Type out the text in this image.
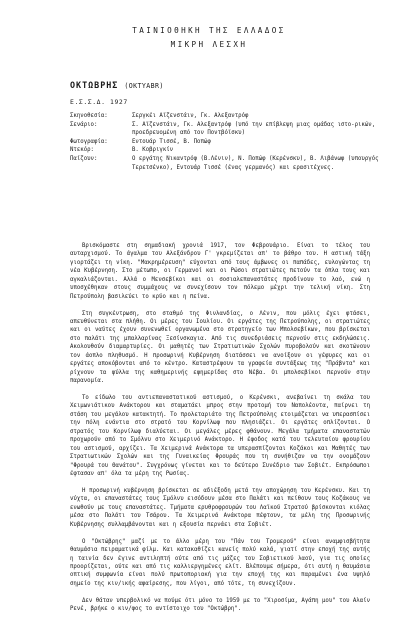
ΤΑΙΝΙΟΘΗΚΗ ΤΗΣ ΕΛΛΑΔΟΣ
ΜΙΚΡΗ ΛΕΣΧΗ
ΟΚΤΩΒΡΗΣ (OKTYABR)
Ε.Σ.Σ.Δ. 1927
Σκηνοθεσία:	Σεργκέι Αϊζενστάιν, Γκ. Αλεξαντρόφ
Σενάριο:	Σ. Αϊζενστάιν, Γκ. Αλεξαντρόφ (υπό την επίβλεψη μιας ομάδας ιστο-ρικών, προεδρευομένη από τον Ποντβόϊσκυ)
Φωτογραφία:	Εντουάρ Τισσέ, Β. Ποπώφ
Ντεκόρ:	Β. Κοβριγκίν
Παίζουν:	Ο εργάτης Νικαντρόφ (Β.Λένιν), Ν. Ποπώφ (Κερένσκυ), Β. Λιβάνωφ (υπουργός Τερετσένκο), Εντουάρ Τισσέ (ένας γερμανός) και ερασιτέχνες.

Βρισκόμαστε στη σημαδιακή χρονιά 1917, τον Φεβρουάριο. Είναι το τέλος του αυταρχισμού. Το άγαλμα του Αλεξάνδρου Γ' γκρεμίζεται απ' το βάθρο του. Η αστική τάξη γιορτάζει τη νίκη. "Μακρημέρευση" εύχονται από τους άμβωνες οι παπάδες, ευλογώντας τη νέα Κυβέρνηση. Στο μέτωπο, οι Γερμανοί και οι Ρώσοι στρατιώτες πετούν τα όπλα τους και αγκαλιάζονται. Αλλά ο Μενσεβίκοι και οι σοσιαλεπαναστάτες προδίνουν το λαό, ενώ η υποσχέθηκαν στους συμμάχους να συνεχίσουν τον πόλεμο μέχρι την τελική νίκη. Στη Πετρούπολη βασιλεύει το κρύο και η πείνα.

Στη συγκέντρωση, στο σταθμό της Φινλανδίας, ο Λένιν, που μόλις έχει φτάσει, απευθύνεται στα πλήθη. Οι μέρες του Ιουλίου. Οι εργάτες της Πετρούπολης, οι στρατιώτες και οι ναύτες έχουν συνενωθεί οργανωμένα στο στρατηγείο των Μπολσεβίκων, που βρίσκεται στο παλάτι της μπαλλαρίνας Ξεσίνσκαγια. Από τις συνεδριάσεις περνούν στις εκδηλώσεις. Ακολουθούν διαμαρτυρίες. Οι μαθητές των Στρατιωτικών Σχολών πυροβολούν και σκοτώνουν τον άοπλο πληθυσμό. Η προσωρινή Κυβέρνηση διατάσσει να ανοίξουν οι γέφυρες και οι εργάτες αποκόβονται από το κέντρο. Καταστρέφουν τα γραφεία συντάξεως της "Πράβντα" και ρίχνουν τα φύλλα της καθημερινής εφημερίδας στο Νέβα. Οι μπολσεβίκοι περνούν στην παρανομία.

Το είδωλο του αντιεπαναστατικού αστισμού, ο Κερένσκι, ανεβαίνει τη σκάλα του Χειμωνιάτικου Ανάκτορου και σταματάει μπρος στην προτομή του Ναπολέοντα, παίρνει τη στάση του μεγάλου κατακτητή. Το προλεταριάτο της Πετρούπολης ετοιμάζεται να υπερασπίσει την πόλη ενάντια στο στρατό του Κορνίλωφ που πλησιάζει. Οι εργάτες οπλίζονται. Ο στρατός του Κορνίλωφ διαλύεται. Οι μεγάλες μέρες φθάνουν. Μεγάλα τμήματα επαναστατών προχωρούν από το Σμόλνυ στο Χειμερινό Ανάκτορο. Η έφοδος κατά του τελευταίου φρουρίου του αστισμού, αρχίζει. Τα Χειμερινά Ανάκτορα τα υπερασπίζονται Κοζάκοι και Μαθητές των Στρατιωτικών Σχολών και της Γυναικείας Φρουράς που τη συνήθιζαν να την ονομάζουν "Φρουρά του Θανάτου". Συγχρόνως γίνεται και το δεύτερο Συνέδριο των Σοβιέτ. Εκπρόσωποι έφτασαν απ' όλα τα μέρη της Ρωσίας.

Η προσωρινή κυβέρνηση βρίσκεται σε αδιέξοδη μετά την αποχώρηση του Κερένσκυ. Και τη νύχτα, οι επαναστάτες τους Σμόλνυ εισόδουν μέσα στο Παλάτι και πείθουν τους Κοζάκους να ενωθούν με τους επαναστάτες. Τμήματα ερυθροφρουρών του Λαϊκού Στρατού βρίσκονται κιόλας μέσα στο Παλάτι του Τσάρου. Τα Χειμερινά Ανάκτορα πέφτουν, τα μέλη της Προσωρινής Κυβέρνησης συλλαμβάνονται και η εξουσία περνάει στα Σοβιέτ.

Ο "Οκτώβρης" μαζί με το άλλο μέρη του "Πάν του Τρομερού" είναι αναμφισβήτητα θαυμάσια πειραματικά φίλμ. Και κατακαθίζει κανείς πολύ καλά, γιατί στην εποχή της αυτής η ταινία δεν έγινε αντιληπτή ούτε από τις μάζες του Σοβιετικού λαού, για τις οποίες προορίζεται, ούτε και από τις καλλιεργημένες ελίτ. Βλέπουμε σήμερα, ότι αυτή η θαυμάσια οπτική συμφωνία είναι πολύ πρωτοποριακή για την εποχή της και παραμένει ένα υψηλό σημείο της κιν/ικής αφαίρεσης, που λίγοι, από τότε, τη συνεχίζουν.

Δεν θάταν υπερβολικό να πούμε ότι μόνο το 1959 με το "Χιροσίμα, Αγάπη μου" του Αλαίν Ρενέ, βρήκε ο κιν/φος το αντίστοιχο του "Οκτώβρη".
